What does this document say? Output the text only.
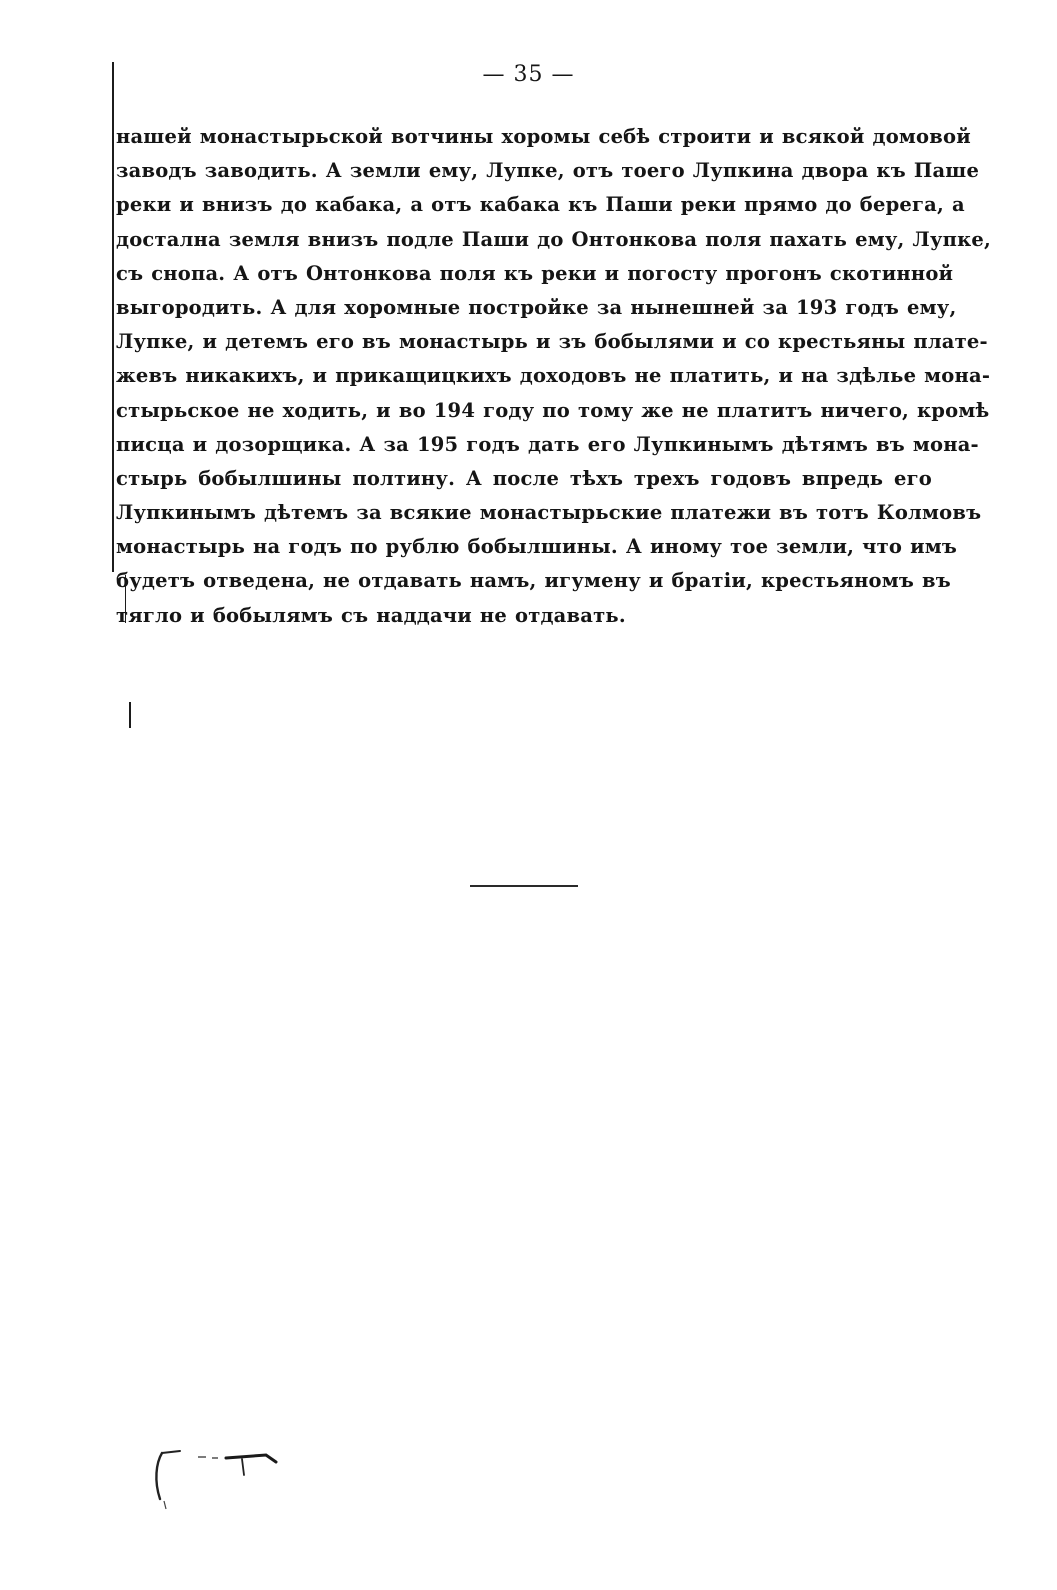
— 35 —
нашей монастырьской вотчины хоромы себѣ строити и всякой домовой
заводъ заводить. А земли ему, Лупке, отъ тоего Лупкина двора къ Паше
реки и внизъ до кабака, а отъ кабака къ Паши реки прямо до берега, а
достална земля внизъ подле Паши до Онтонкова поля пахать ему, Лупке,
съ снопа. А отъ Онтонкова поля къ реки и погосту прогонъ скотинной
выгородить. А для хоромные постройке за нынешней за 193 годъ ему,
Лупке, и детемъ его въ монастырь и зъ бобылями и со крестьяны плате-
жевъ никакихъ, и прикащицкихъ доходовъ не платить, и на здѣлье мона-
стырьское не ходить, и во 194 году по тому же не платитъ ничего, кромѣ
писца и дозорщика. А за 195 годъ дать его Лупкинымъ дѣтямъ въ мона-
стырь бобылшины полтину. А после тѣхъ трехъ годовъ впредь его
Лупкинымъ дѣтемъ за всякие монастырьские платежи въ тотъ Колмовъ
монастырь на годъ по рублю бобылшины. А иному тое земли, что имъ
будетъ отведена, не отдавать намъ, игумену и братiи, крестьяномъ въ
тягло и бобылямъ съ наддачи не отдавать.
